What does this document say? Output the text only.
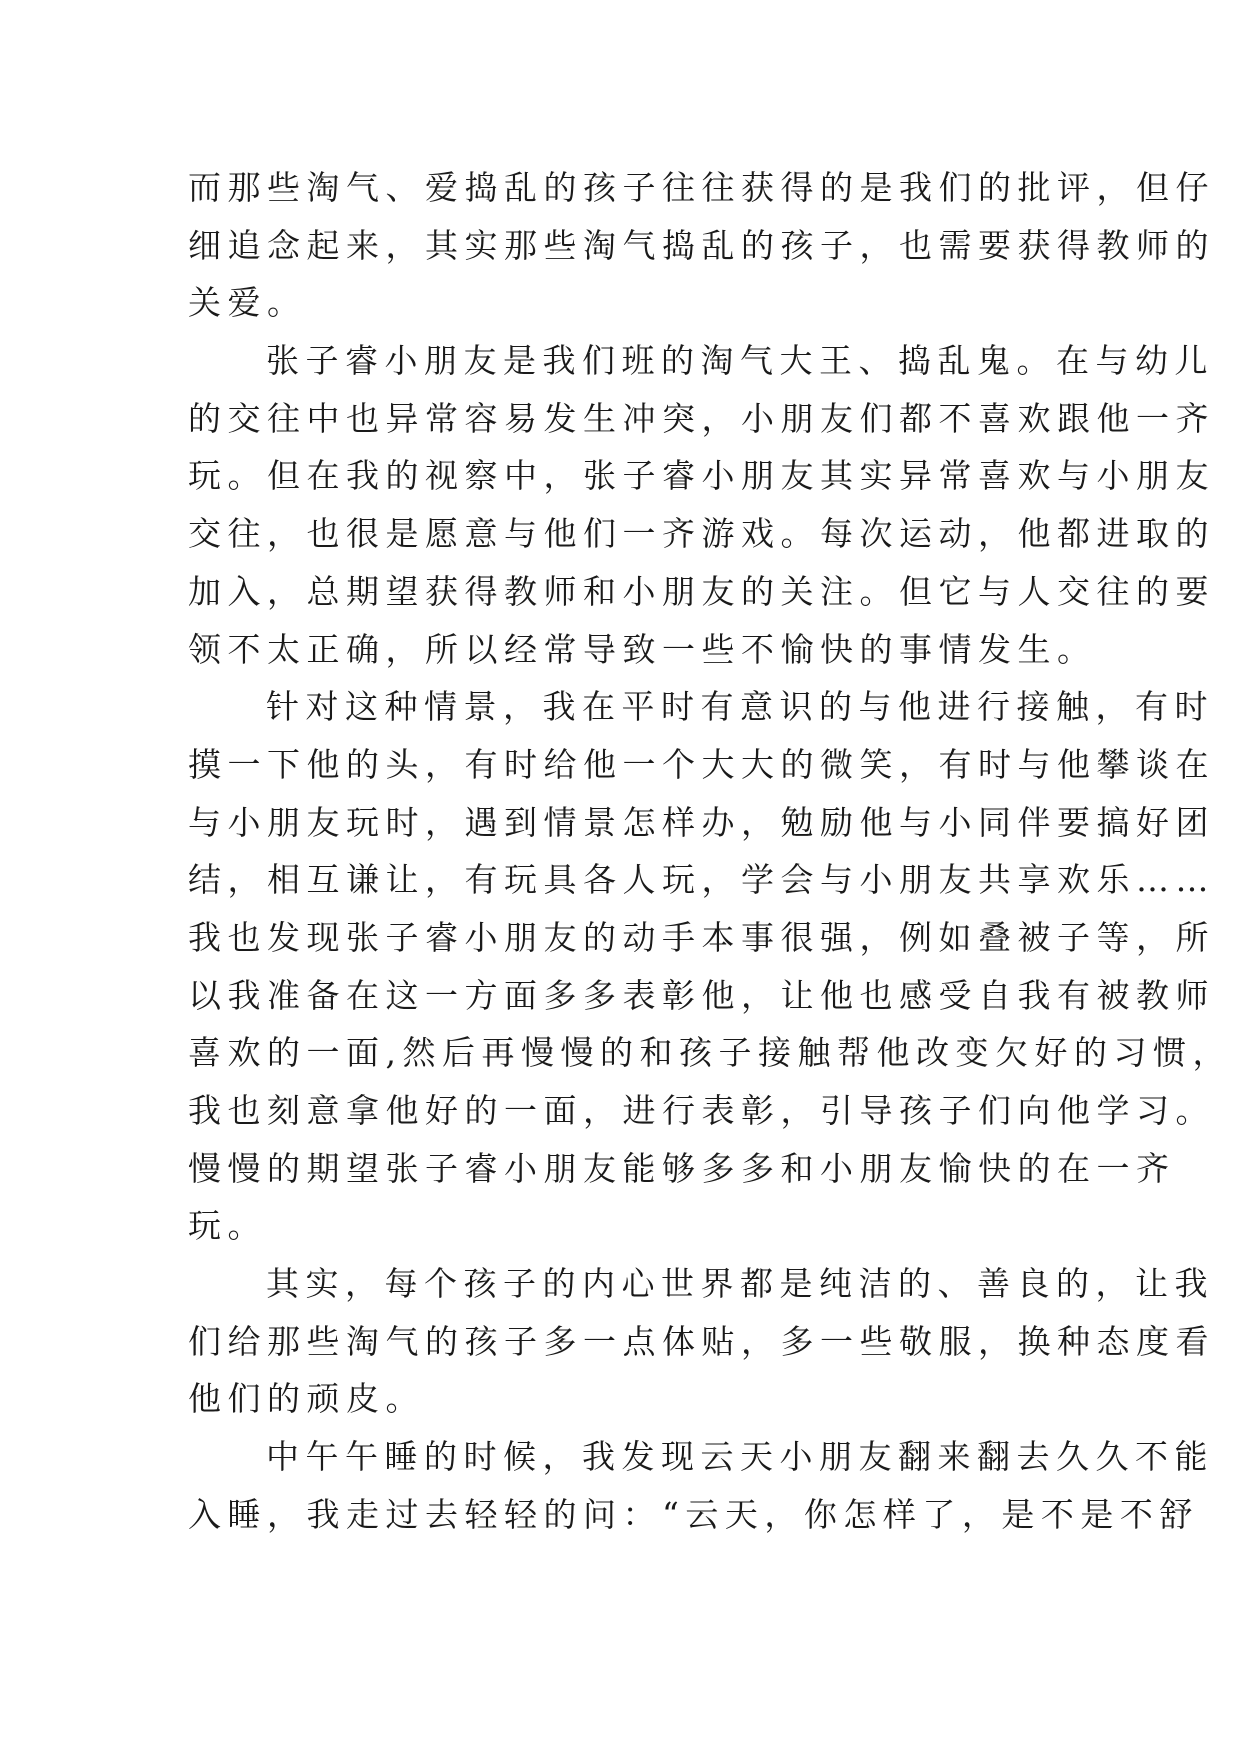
而那些淘气、爱捣乱的孩子往往获得的是我们的批评，但仔
细追念起来，其实那些淘气捣乱的孩子，也需要获得教师的
关爱。
张子睿小朋友是我们班的淘气大王、捣乱鬼。在与幼儿
的交往中也异常容易发生冲突，小朋友们都不喜欢跟他一齐
玩。但在我的视察中，张子睿小朋友其实异常喜欢与小朋友
交往，也很是愿意与他们一齐游戏。每次运动，他都进取的
加入，总期望获得教师和小朋友的关注。但它与人交往的要
领不太正确，所以经常导致一些不愉快的事情发生。
针对这种情景，我在平时有意识的与他进行接触，有时
摸一下他的头，有时给他一个大大的微笑，有时与他攀谈在
与小朋友玩时，遇到情景怎样办，勉励他与小同伴要搞好团
结，相互谦让，有玩具各人玩，学会与小朋友共享欢乐……
我也发现张子睿小朋友的动手本事很强，例如叠被子等，所
以我准备在这一方面多多表彰他，让他也感受自我有被教师
喜欢的一面,然后再慢慢的和孩子接触帮他改变欠好的习惯，
我也刻意拿他好的一面，进行表彰，引导孩子们向他学习。
慢慢的期望张子睿小朋友能够多多和小朋友愉快的在一齐
玩。
其实，每个孩子的内心世界都是纯洁的、善良的，让我
们给那些淘气的孩子多一点体贴，多一些敬服，换种态度看
他们的顽皮。
中午午睡的时候，我发现云天小朋友翻来翻去久久不能
入睡，我走过去轻轻的问：“云天，你怎样了，是不是不舒
